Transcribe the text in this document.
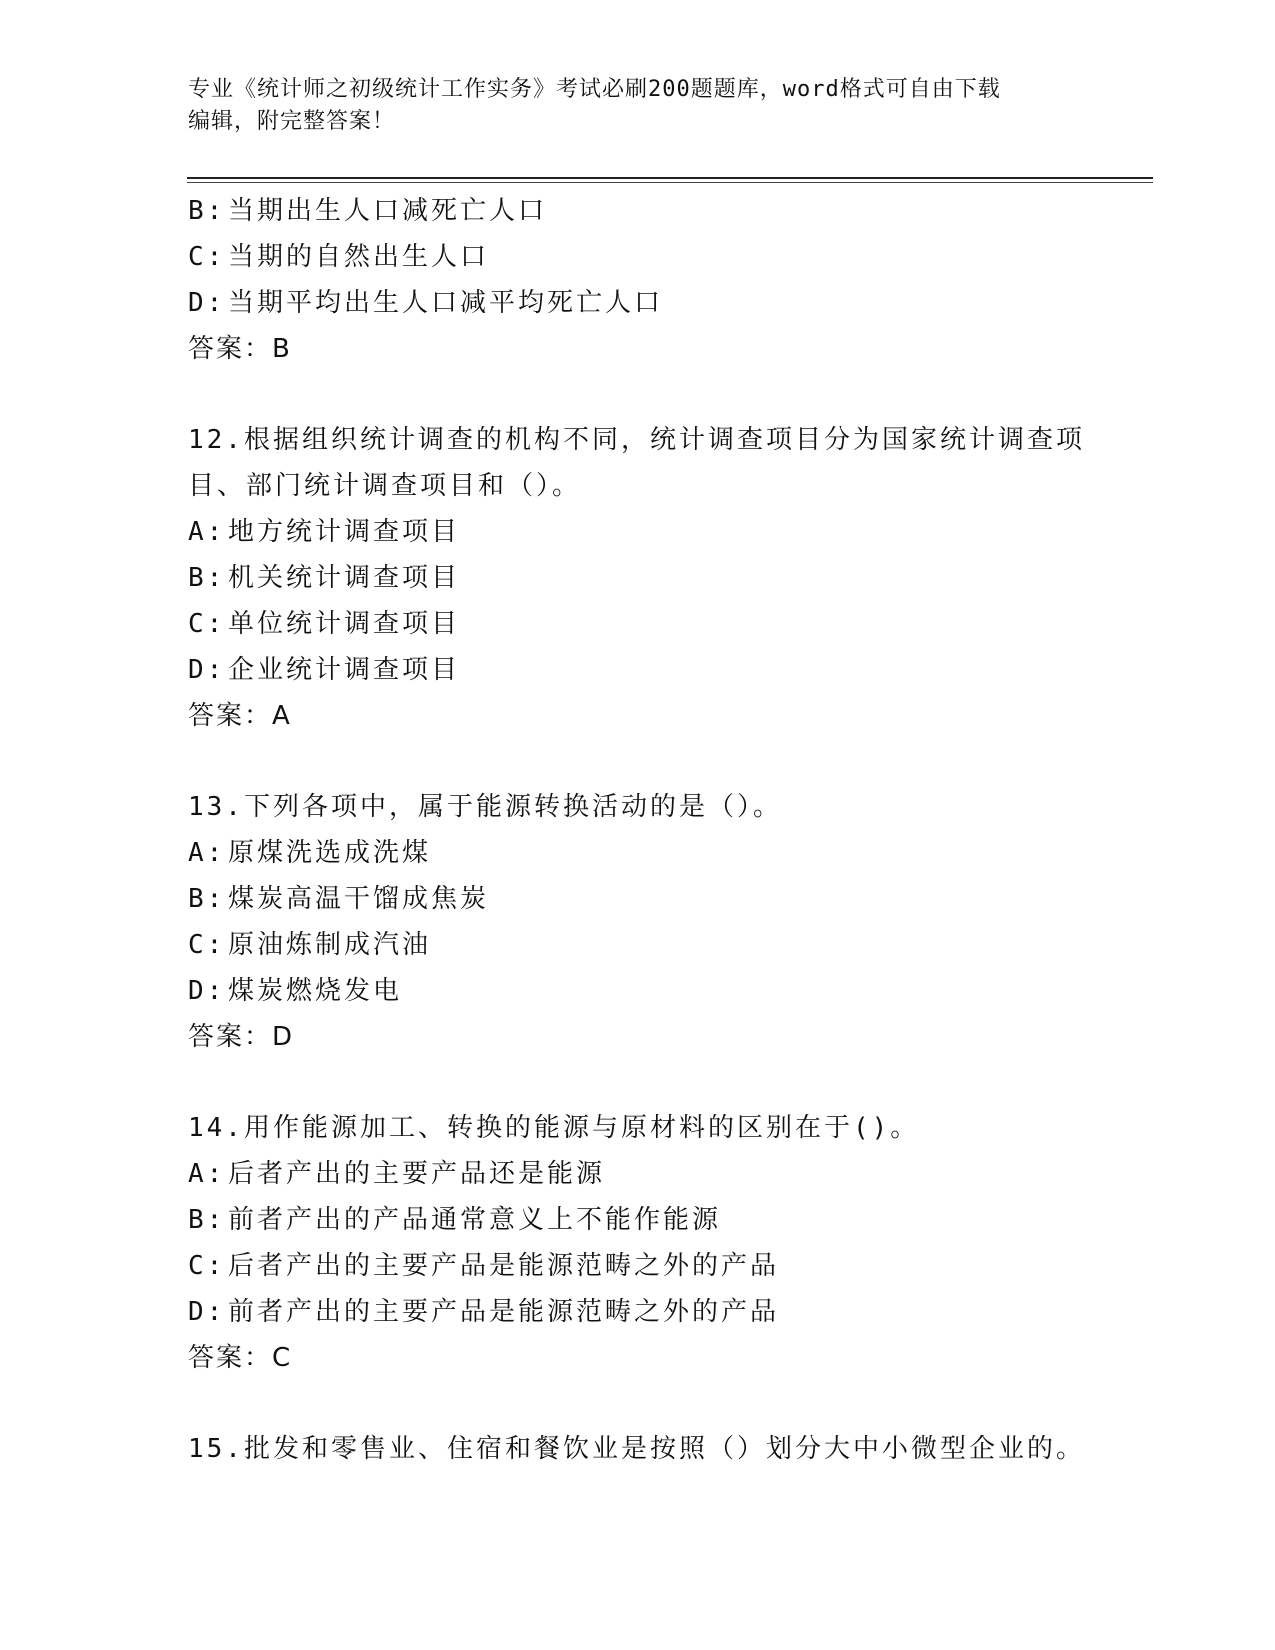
专业《统计师之初级统计工作实务》考试必刷200题题库，word格式可自由下载
编辑，附完整答案！
B: 当期出生人口减死亡人口
C: 当期的自然出生人口
D: 当期平均出生人口减平均死亡人口
答案：B
12.根据组织统计调查的机构不同，统计调查项目分为国家统计调查项
目、部门统计调查项目和（）。
A: 地方统计调查项目
B: 机关统计调查项目
C: 单位统计调查项目
D: 企业统计调查项目
答案：A
13.下列各项中，属于能源转换活动的是（）。
A: 原煤洗选成洗煤
B: 煤炭高温干馏成焦炭
C: 原油炼制成汽油
D: 煤炭燃烧发电
答案：D
14.用作能源加工、转换的能源与原材料的区别在于()。
A: 后者产出的主要产品还是能源
B: 前者产出的产品通常意义上不能作能源
C: 后者产出的主要产品是能源范畴之外的产品
D: 前者产出的主要产品是能源范畴之外的产品
答案：C
15.批发和零售业、住宿和餐饮业是按照（）划分大中小微型企业的。
